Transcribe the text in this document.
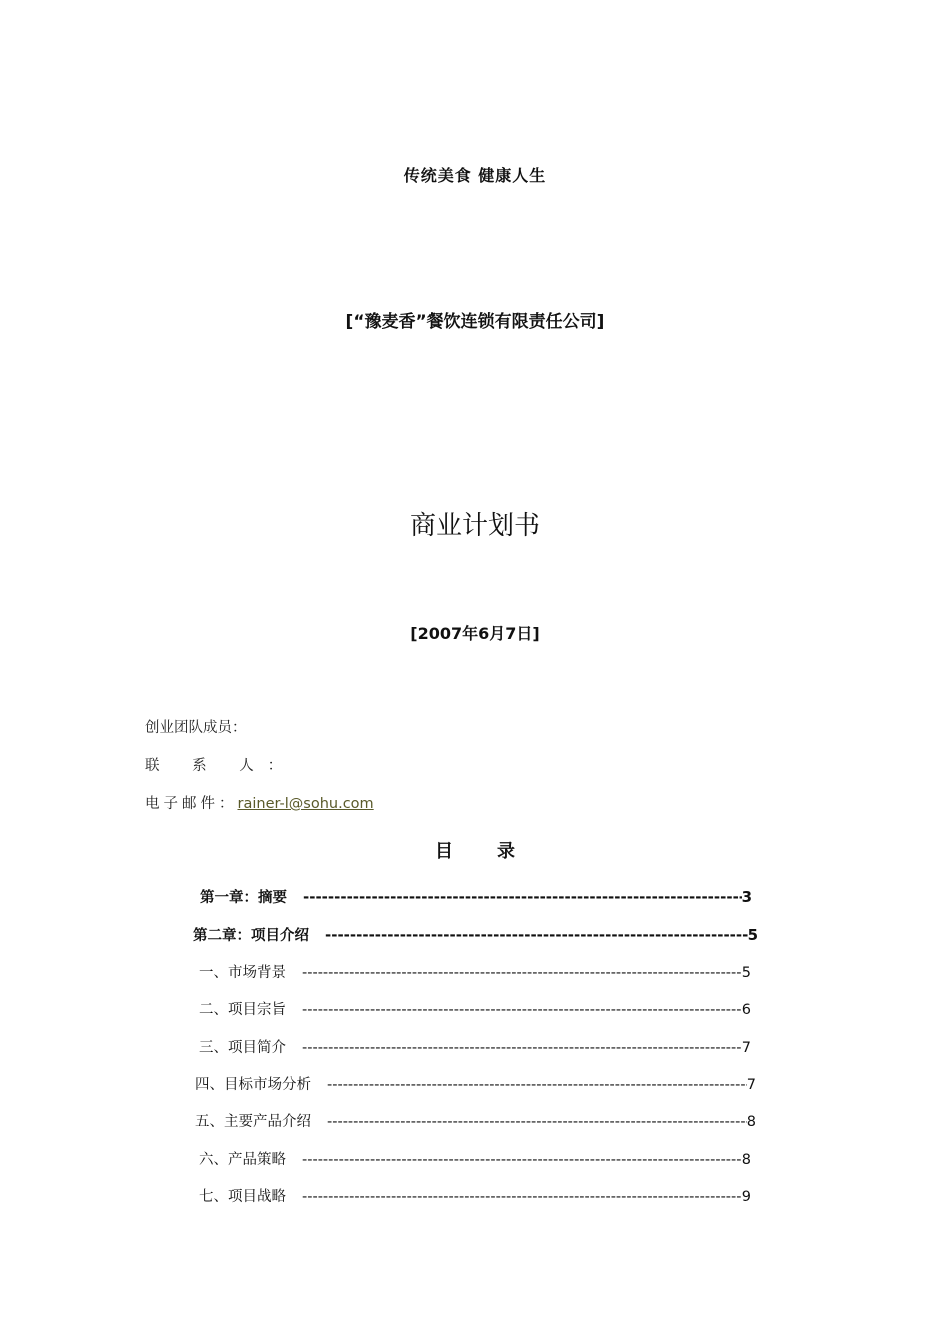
传统美食 健康人生
[“豫麦香”餐饮连锁有限责任公司]
商业计划书
[2007年6月7日]
创业团队成员：
联 系 人：
电子邮件：rainer-l@sohu.com
目 录
第一章：摘要 -----	3
第二章：项目介绍 -----	5
一、市场背景 -----	5
二、项目宗旨 -----	6
三、项目简介 -----	7
四、目标市场分析 -----	7
五、主要产品介绍 -----	8
六、产品策略 -----	8
七、项目战略 -----	9
